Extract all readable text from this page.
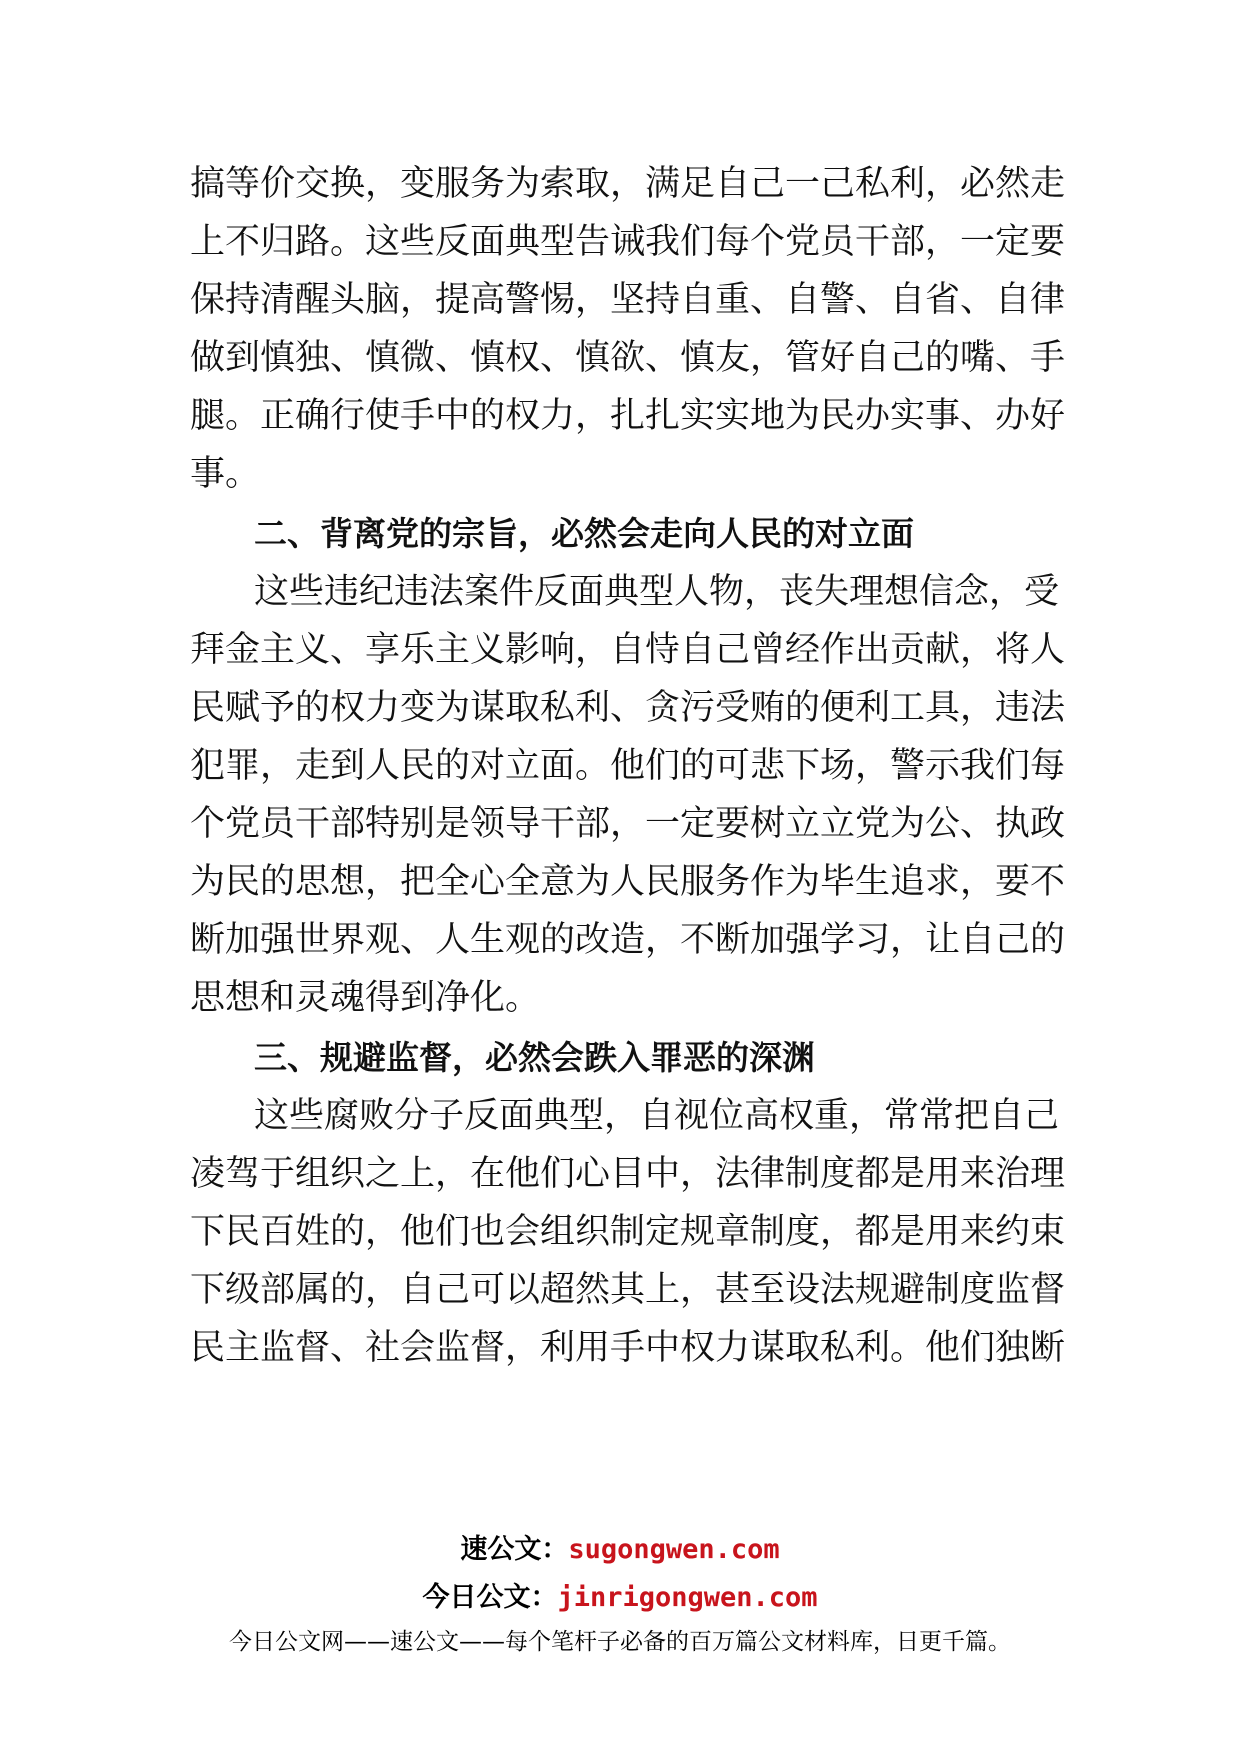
搞等价交换，变服务为索取，满足自己一己私利，必然走
上不归路。这些反面典型告诫我们每个党员干部，一定要
保持清醒头脑，提高警惕，坚持自重、自警、自省、自律
做到慎独、慎微、慎权、慎欲、慎友，管好自己的嘴、手
腿。正确行使手中的权力，扎扎实实地为民办实事、办好
事。
二、背离党的宗旨，必然会走向人民的对立面
这些违纪违法案件反面典型人物，丧失理想信念，受
拜金主义、享乐主义影响，自恃自己曾经作出贡献，将人
民赋予的权力变为谋取私利、贪污受贿的便利工具，违法
犯罪，走到人民的对立面。他们的可悲下场，警示我们每
个党员干部特别是领导干部，一定要树立立党为公、执政
为民的思想，把全心全意为人民服务作为毕生追求，要不
断加强世界观、人生观的改造，不断加强学习，让自己的
思想和灵魂得到净化。
三、规避监督，必然会跌入罪恶的深渊
这些腐败分子反面典型，自视位高权重，常常把自己
凌驾于组织之上，在他们心目中，法律制度都是用来治理
下民百姓的，他们也会组织制定规章制度，都是用来约束
下级部属的，自己可以超然其上，甚至设法规避制度监督
民主监督、社会监督，利用手中权力谋取私利。他们独断
速公文：sugongwen.com
今日公文：jinrigongwen.com
今日公文网——速公文——每个笔杆子必备的百万篇公文材料库，日更千篇。
